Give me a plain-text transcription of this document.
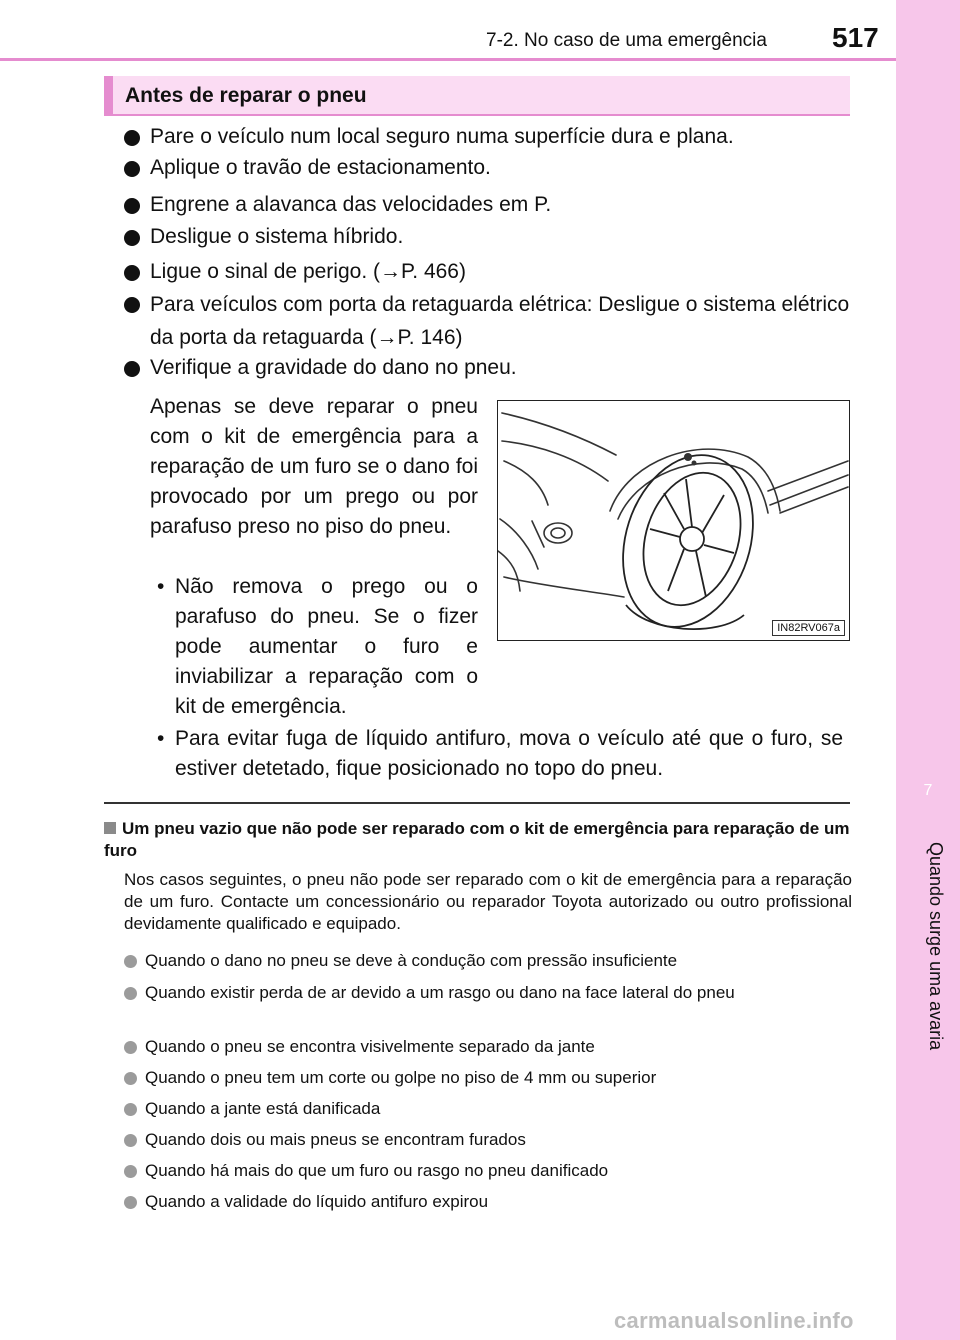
7-2. No caso de uma emergência 517
7
Quando surge uma avaria
Antes de reparar o pneu
Pare o veículo num local seguro numa superfície dura e plana.
Aplique o travão de estacionamento.
Engrene a alavanca das velocidades em P.
Desligue o sistema híbrido.
Ligue o sinal de perigo. (→P. 466)
Para veículos com porta da retaguarda elétrica: Desligue o sistema elétrico da porta da retaguarda (→P. 146)
Verifique a gravidade do dano no pneu.
Apenas se deve reparar o pneu com o kit de emergência para a reparação de um furo se o dano foi provocado por um prego ou por parafuso preso no piso do pneu.
• Não remova o prego ou o parafuso do pneu. Se o fizer pode aumentar o furo e inviabilizar a reparação com o kit de emergência.
• Para evitar fuga de líquido antifuro, mova o veículo até que o furo, se estiver detetado, fique posicionado no topo do pneu.
IN82RV067a
Um pneu vazio que não pode ser reparado com o kit de emergência para reparação de um furo
Nos casos seguintes, o pneu não pode ser reparado com o kit de emergência para a reparação de um furo. Contacte um concessionário ou reparador Toyota autorizado ou outro profissional devidamente qualificado e equipado.
Quando o dano no pneu se deve à condução com pressão insuficiente
Quando existir perda de ar devido a um rasgo ou dano na face lateral do pneu
Quando o pneu se encontra visivelmente separado da jante
Quando o pneu tem um corte ou golpe no piso de 4 mm ou superior
Quando a jante está danificada
Quando dois ou mais pneus se encontram furados
Quando há mais do que um furo ou rasgo no pneu danificado
Quando a validade do líquido antifuro expirou
carmanualsonline.info
